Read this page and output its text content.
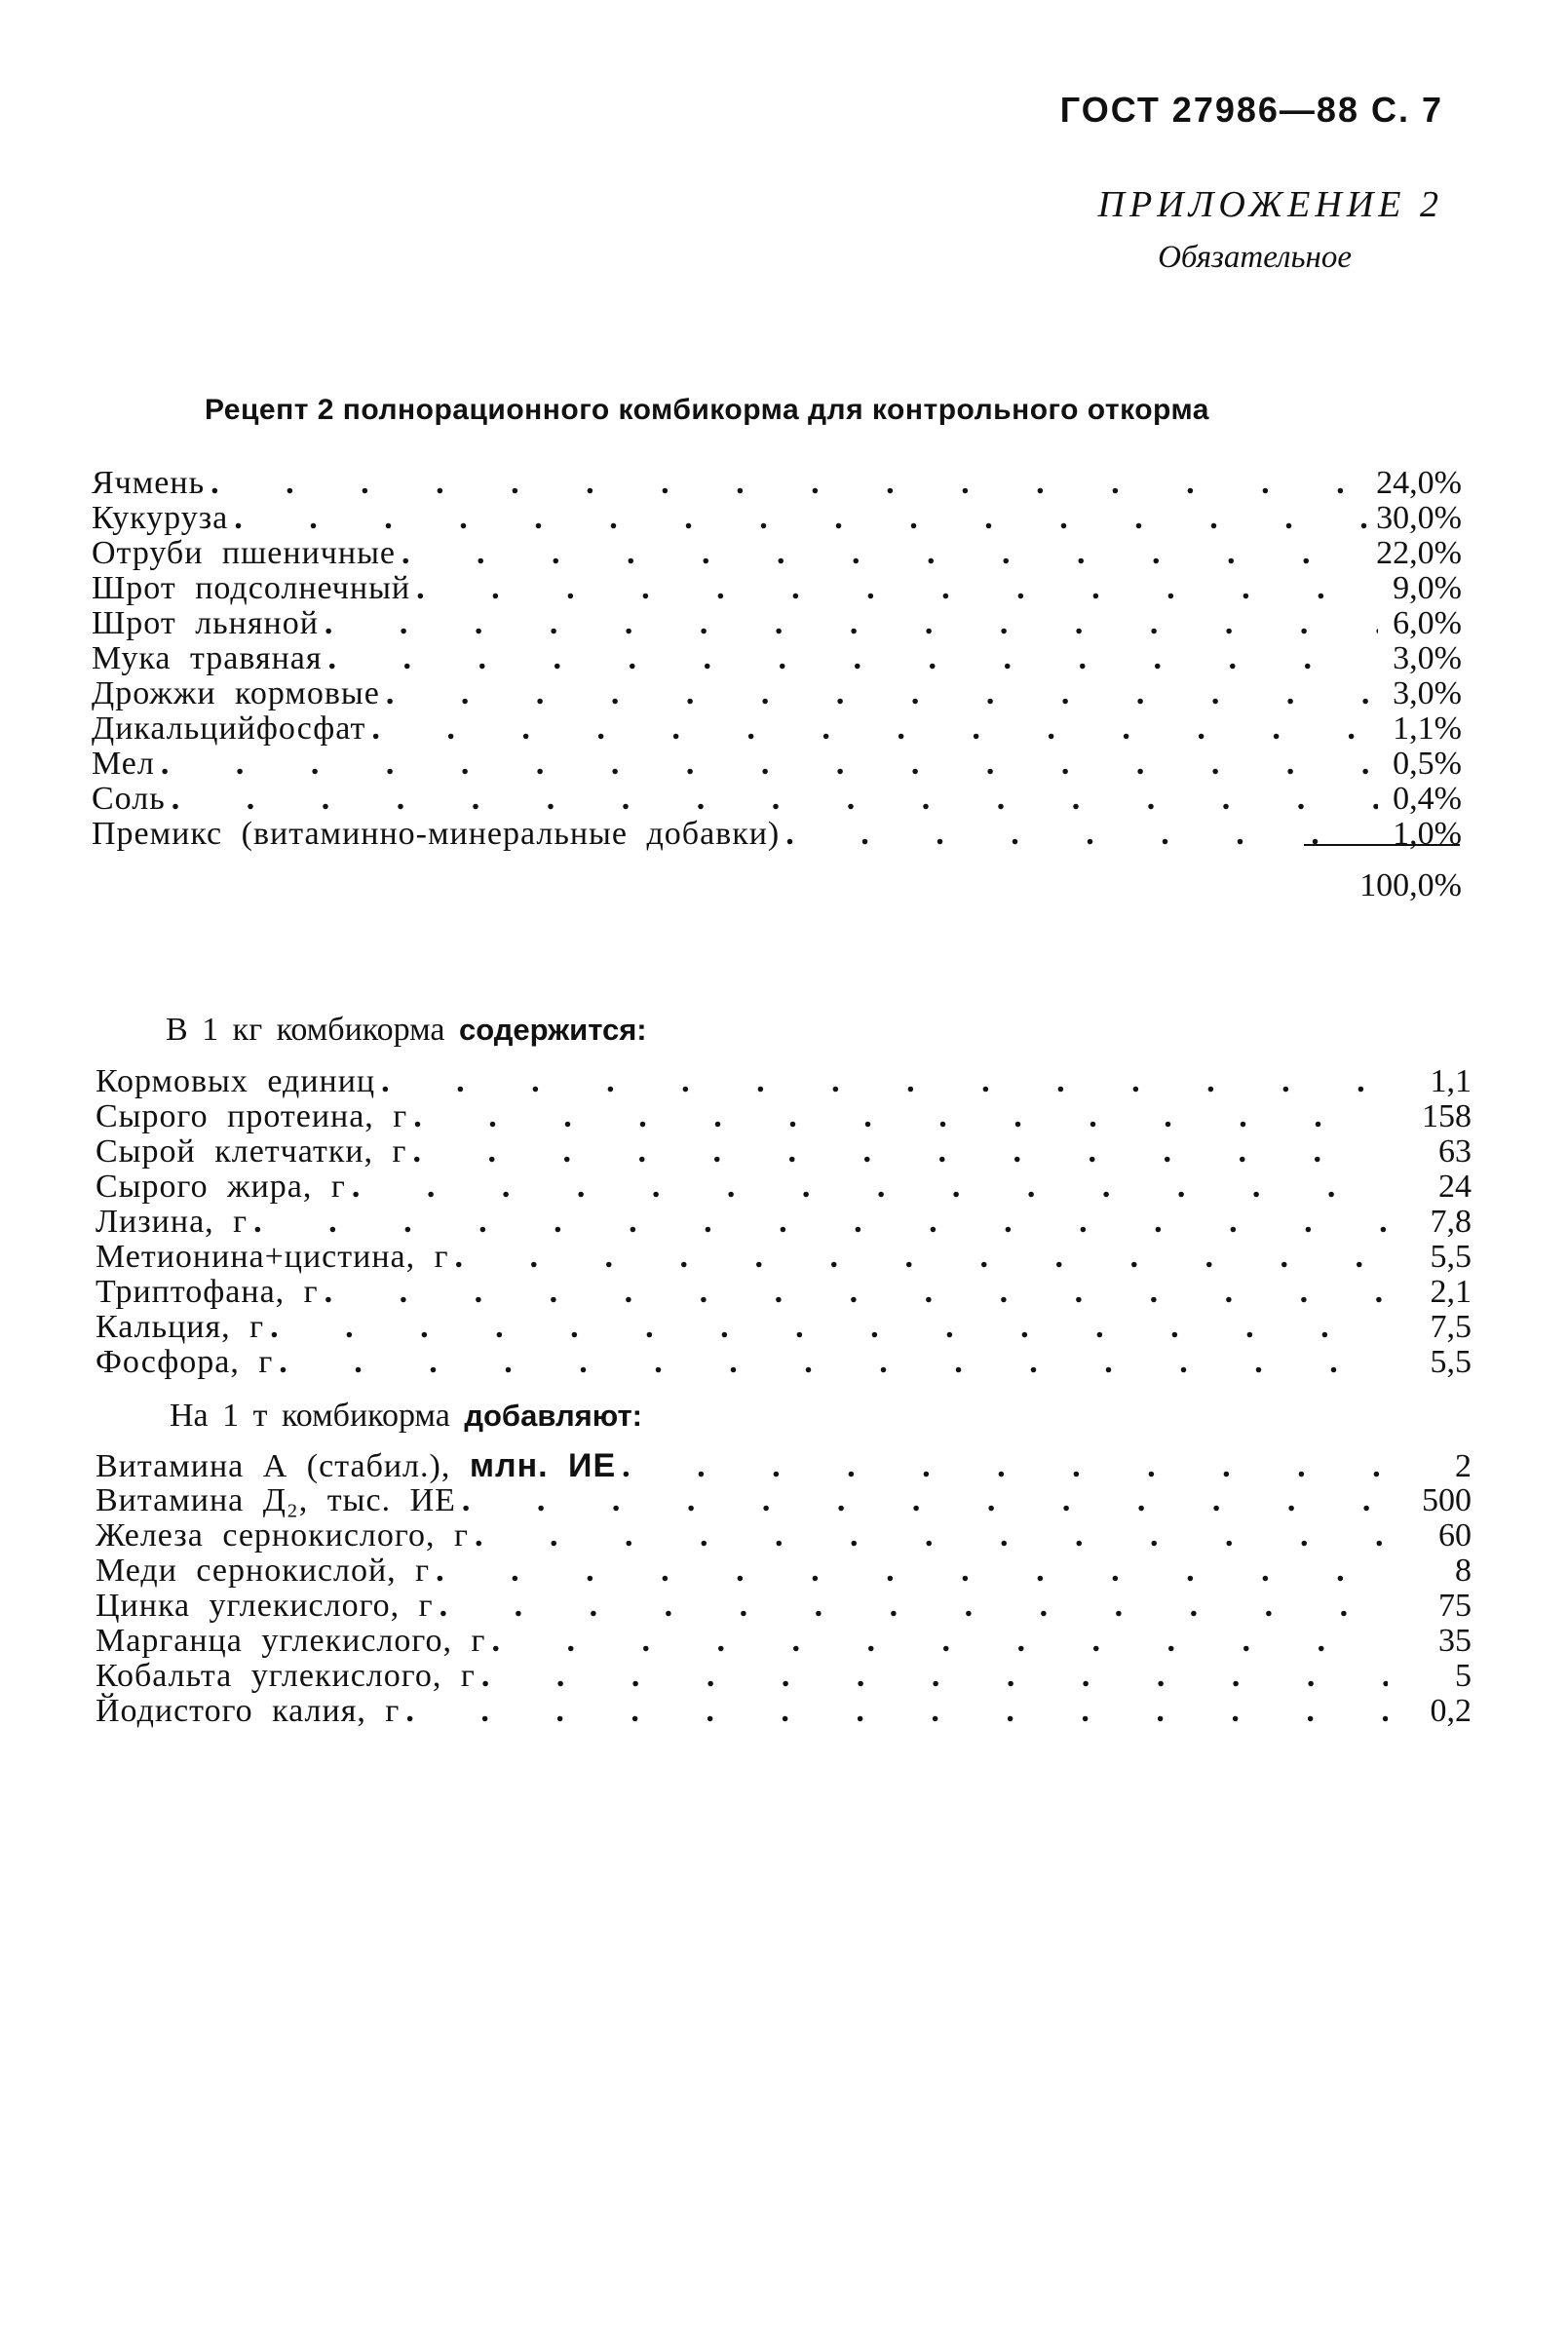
ГОСТ 27986—88 С. 7
ПРИЛОЖЕНИЕ 2
Обязательное
Рецепт 2 полнорационного комбикорма для контрольного откорма
Ячмень . . .	24,0%
Кукуруза . . .	30,0%
Отруби пшеничные . . .	22,0%
Шрот подсолнечный . . .	9,0%
Шрот льняной . . .	6,0%
Мука травяная . . .	3,0%
Дрожжи кормовые . . .	3,0%
Дикальцийфосфат . . .	1,1%
Мел . . .	0,5%
Соль . . .	0,4%
Премикс (витаминно-минеральные добавки) . . .	1,0%
100,0%
В 1 кг комбикорма содержится:
Кормовых единиц . . .	1,1
Сырого протеина, г . . .	158
Сырой клетчатки, г . . .	63
Сырого жира, г . . .	24
Лизина, г . . .	7,8
Метионина+цистина, г . . .	5,5
Триптофана, г . . .	2,1
Кальция, г . . .	7,5
Фосфора, г . . .	5,5
На 1 т комбикорма добавляют:
Витамина А (стабил.), млн. ИЕ . . .	2
Витамина Д₂, тыс. ИЕ . . .	500
Железа сернокислого, г . . .	60
Меди сернокислой, г . . .	8
Цинка углекислого, г . . .	75
Марганца углекислого, г . . .	35
Кобальта углекислого, г . . .	5
Йодистого калия, г . . .	0,2
